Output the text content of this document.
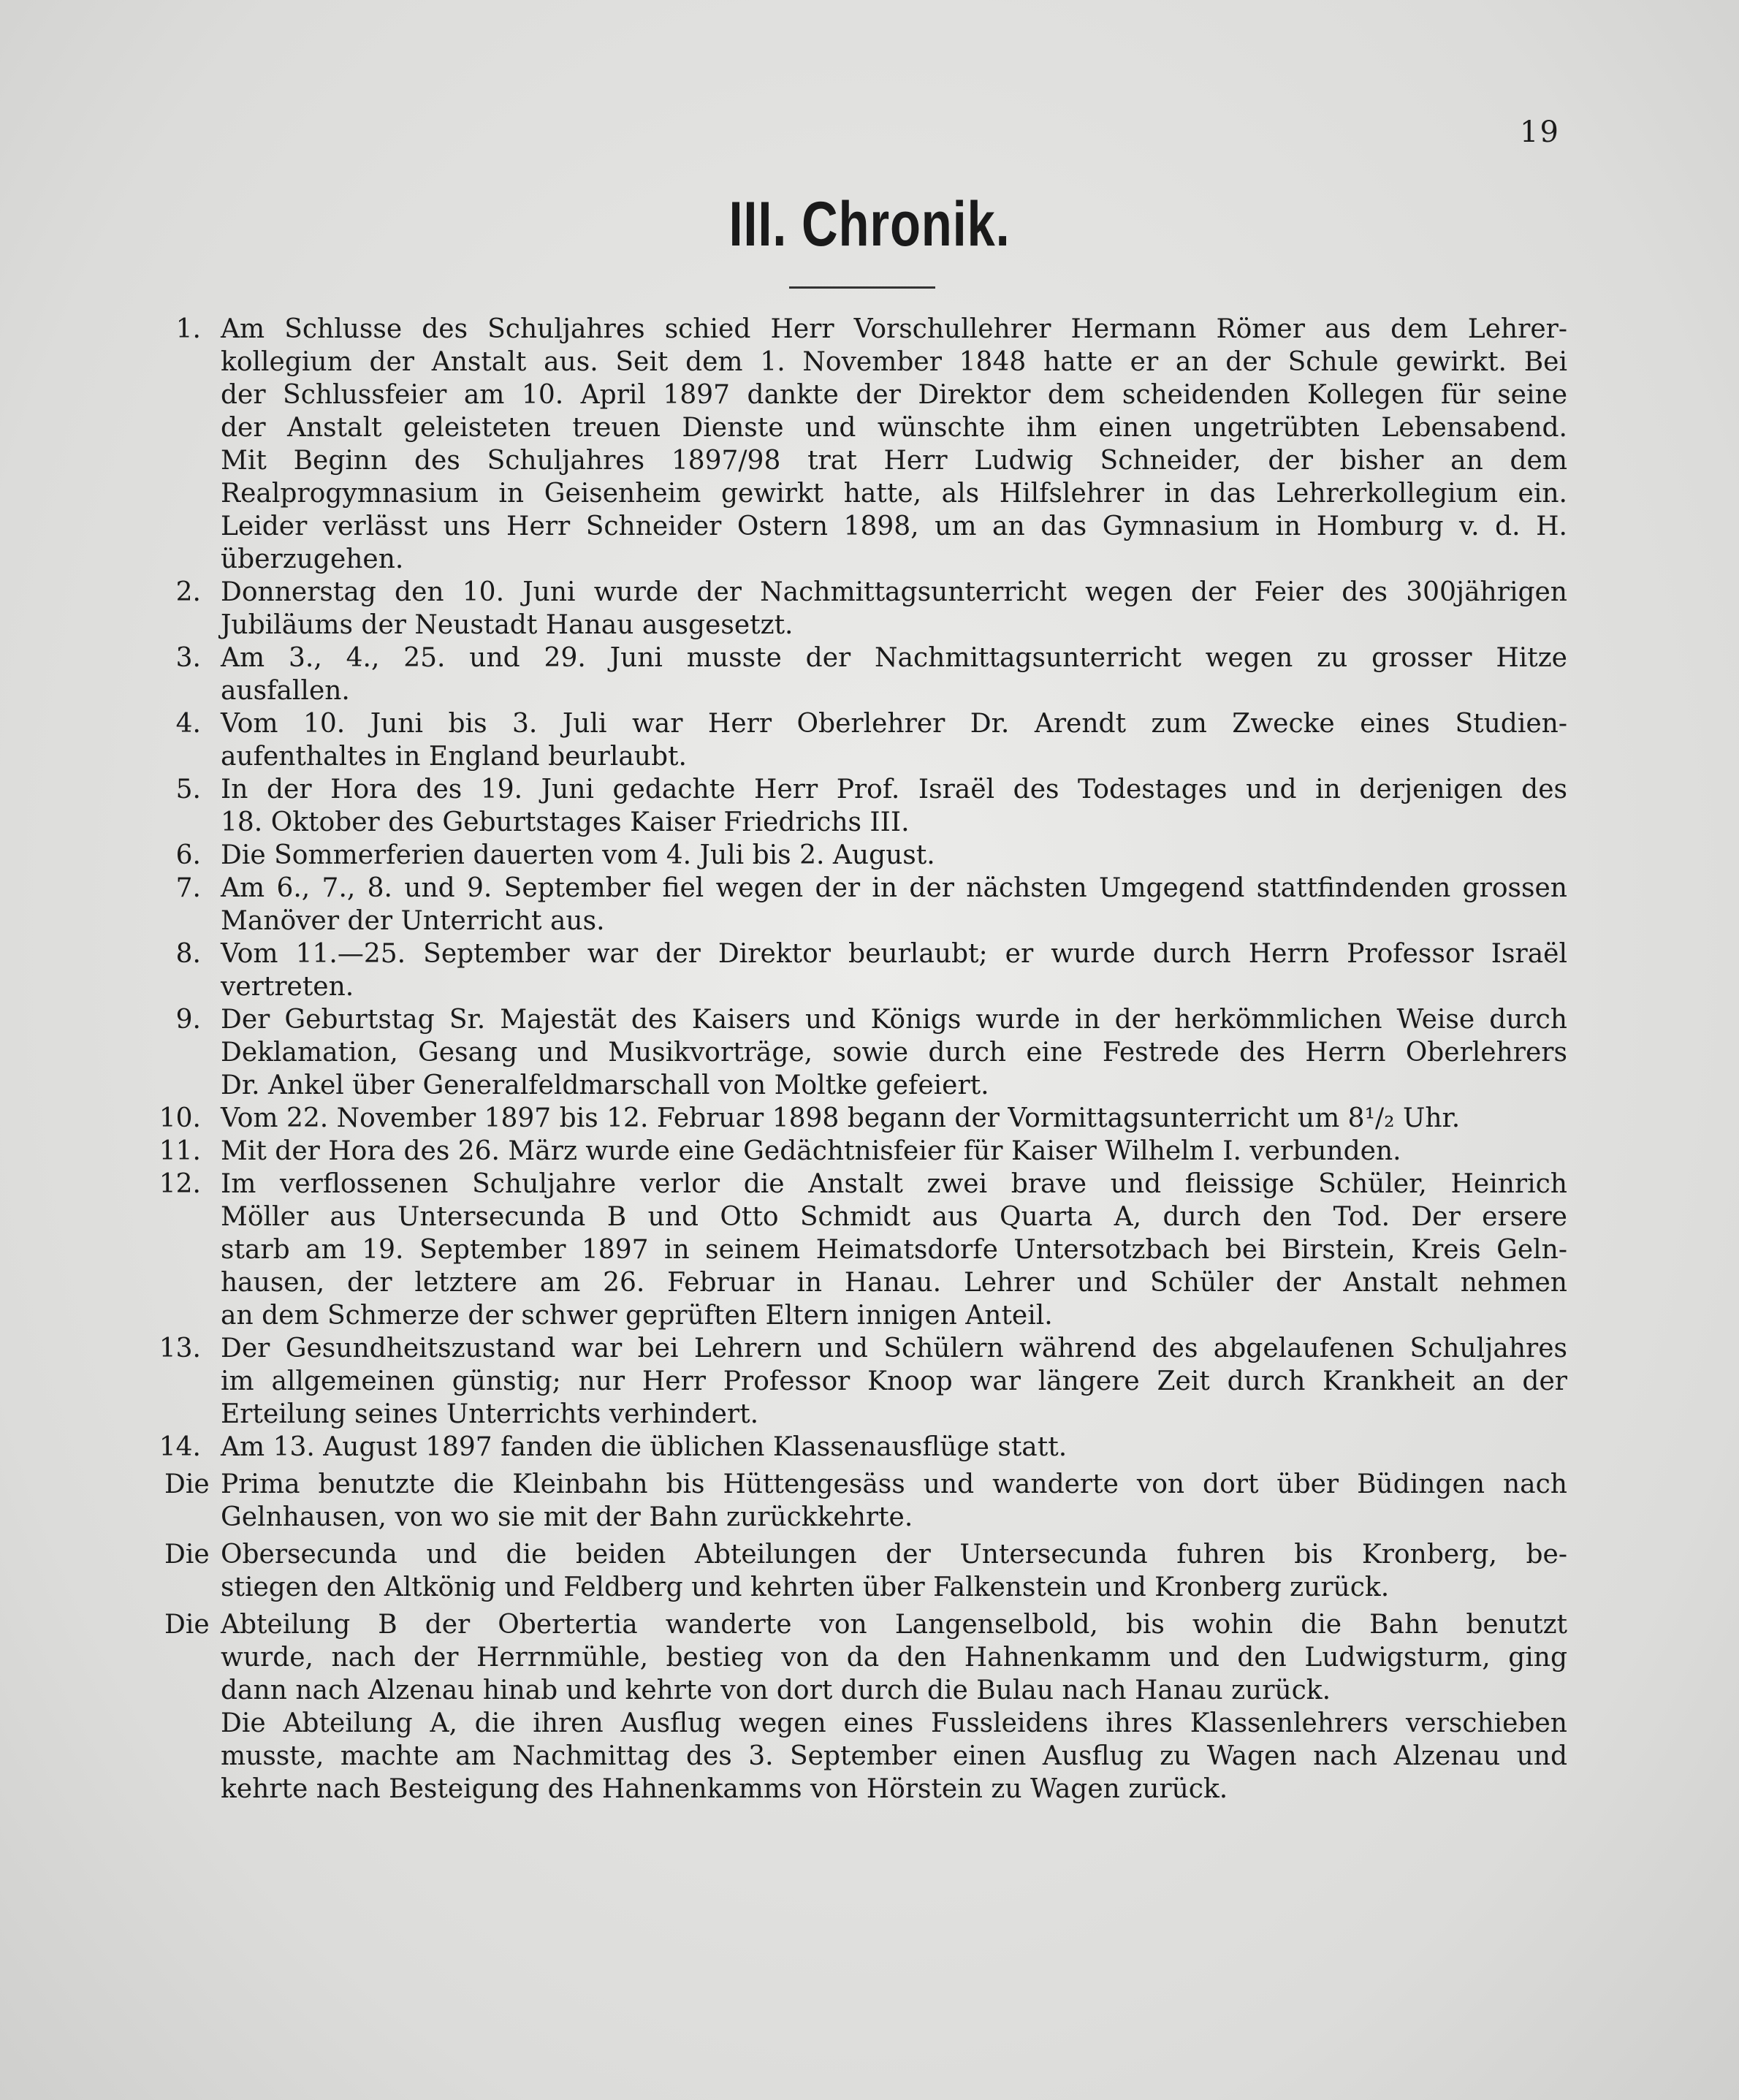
19
III. Chronik.
1. Am Schlusse des Schuljahres schied Herr Vorschullehrer Hermann Römer aus dem Lehrer-
kollegium der Anstalt aus. Seit dem 1. November 1848 hatte er an der Schule gewirkt. Bei
der Schlussfeier am 10. April 1897 dankte der Direktor dem scheidenden Kollegen für seine
der Anstalt geleisteten treuen Dienste und wünschte ihm einen ungetrübten Lebensabend.
Mit Beginn des Schuljahres 1897/98 trat Herr Ludwig Schneider, der bisher an dem
Realprogymnasium in Geisenheim gewirkt hatte, als Hilfslehrer in das Lehrerkollegium ein.
Leider verlässt uns Herr Schneider Ostern 1898, um an das Gymnasium in Homburg v. d. H.
überzugehen.
2. Donnerstag den 10. Juni wurde der Nachmittagsunterricht wegen der Feier des 300jährigen
Jubiläums der Neustadt Hanau ausgesetzt.
3. Am 3., 4., 25. und 29. Juni musste der Nachmittagsunterricht wegen zu grosser Hitze
ausfallen.
4. Vom 10. Juni bis 3. Juli war Herr Oberlehrer Dr. Arendt zum Zwecke eines Studien-
aufenthaltes in England beurlaubt.
5. In der Hora des 19. Juni gedachte Herr Prof. Israël des Todestages und in derjenigen des
18. Oktober des Geburtstages Kaiser Friedrichs III.
6. Die Sommerferien dauerten vom 4. Juli bis 2. August.
7. Am 6., 7., 8. und 9. September fiel wegen der in der nächsten Umgegend stattfindenden grossen
Manöver der Unterricht aus.
8. Vom 11.—25. September war der Direktor beurlaubt; er wurde durch Herrn Professor Israël
vertreten.
9. Der Geburtstag Sr. Majestät des Kaisers und Königs wurde in der herkömmlichen Weise durch
Deklamation, Gesang und Musikvorträge, sowie durch eine Festrede des Herrn Oberlehrers
Dr. Ankel über Generalfeldmarschall von Moltke gefeiert.
10. Vom 22. November 1897 bis 12. Februar 1898 begann der Vormittagsunterricht um 8¹/₂ Uhr.
11. Mit der Hora des 26. März wurde eine Gedächtnisfeier für Kaiser Wilhelm I. verbunden.
12. Im verflossenen Schuljahre verlor die Anstalt zwei brave und fleissige Schüler, Heinrich
Möller aus Untersecunda B und Otto Schmidt aus Quarta A, durch den Tod. Der ersere
starb am 19. September 1897 in seinem Heimatsdorfe Untersotzbach bei Birstein, Kreis Geln-
hausen, der letztere am 26. Februar in Hanau. Lehrer und Schüler der Anstalt nehmen
an dem Schmerze der schwer geprüften Eltern innigen Anteil.
13. Der Gesundheitszustand war bei Lehrern und Schülern während des abgelaufenen Schuljahres
im allgemeinen günstig; nur Herr Professor Knoop war längere Zeit durch Krankheit an der
Erteilung seines Unterrichts verhindert.
14. Am 13. August 1897 fanden die üblichen Klassenausflüge statt.
Die Prima benutzte die Kleinbahn bis Hüttengesäss und wanderte von dort über Büdingen nach
Gelnhausen, von wo sie mit der Bahn zurückkehrte.
Die Obersecunda und die beiden Abteilungen der Untersecunda fuhren bis Kronberg, be-
stiegen den Altkönig und Feldberg und kehrten über Falkenstein und Kronberg zurück.
Die Abteilung B der Obertertia wanderte von Langenselbold, bis wohin die Bahn benutzt
wurde, nach der Herrnmühle, bestieg von da den Hahnenkamm und den Ludwigsturm, ging
dann nach Alzenau hinab und kehrte von dort durch die Bulau nach Hanau zurück.
Die Abteilung A, die ihren Ausflug wegen eines Fussleidens ihres Klassenlehrers verschieben
musste, machte am Nachmittag des 3. September einen Ausflug zu Wagen nach Alzenau und
kehrte nach Besteigung des Hahnenkamms von Hörstein zu Wagen zurück.
